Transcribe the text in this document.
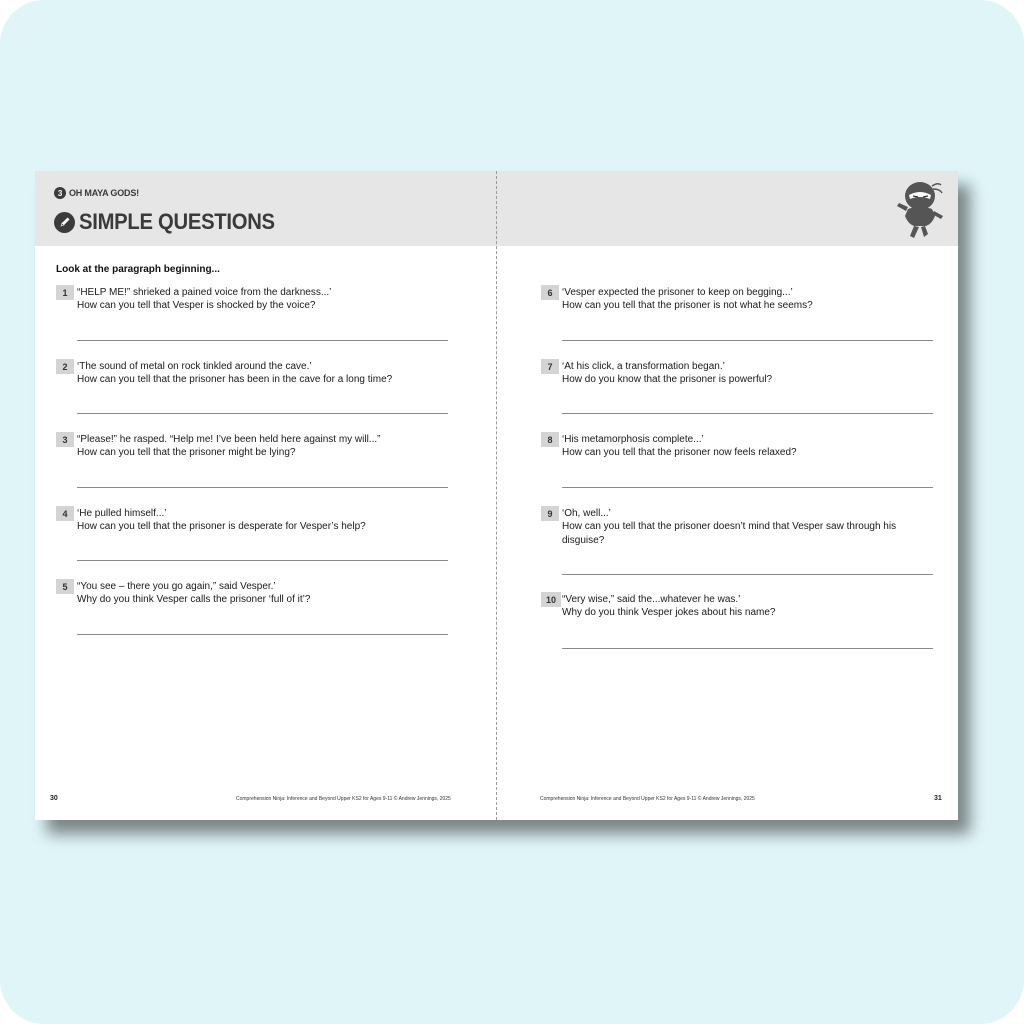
3 OH MAYA GODS!
SIMPLE QUESTIONS
Look at the paragraph beginning...
1 “HELP ME!” shrieked a pained voice from the darkness...’
How can you tell that Vesper is shocked by the voice?
2 ‘The sound of metal on rock tinkled around the cave.’
How can you tell that the prisoner has been in the cave for a long time?
3 “Please!” he rasped. “Help me! I’ve been held here against my will...”
How can you tell that the prisoner might be lying?
4 ‘He pulled himself...’
How can you tell that the prisoner is desperate for Vesper’s help?
5 “You see – there you go again,” said Vesper.’
Why do you think Vesper calls the prisoner ‘full of it’?
6 ‘Vesper expected the prisoner to keep on begging...’
How can you tell that the prisoner is not what he seems?
7 ‘At his click, a transformation began.’
How do you know that the prisoner is powerful?
8 ‘His metamorphosis complete...’
How can you tell that the prisoner now feels relaxed?
9 ‘Oh, well...’
How can you tell that the prisoner doesn’t mind that Vesper saw through his disguise?
10 “Very wise,” said the...whatever he was.’
Why do you think Vesper jokes about his name?
30	Comprehension Ninja: Inference and Beyond Upper KS2 for Ages 9-11 © Andrew Jennings, 2025	Comprehension Ninja: Inference and Beyond Upper KS2 for Ages 9-11 © Andrew Jennings, 2025	31
